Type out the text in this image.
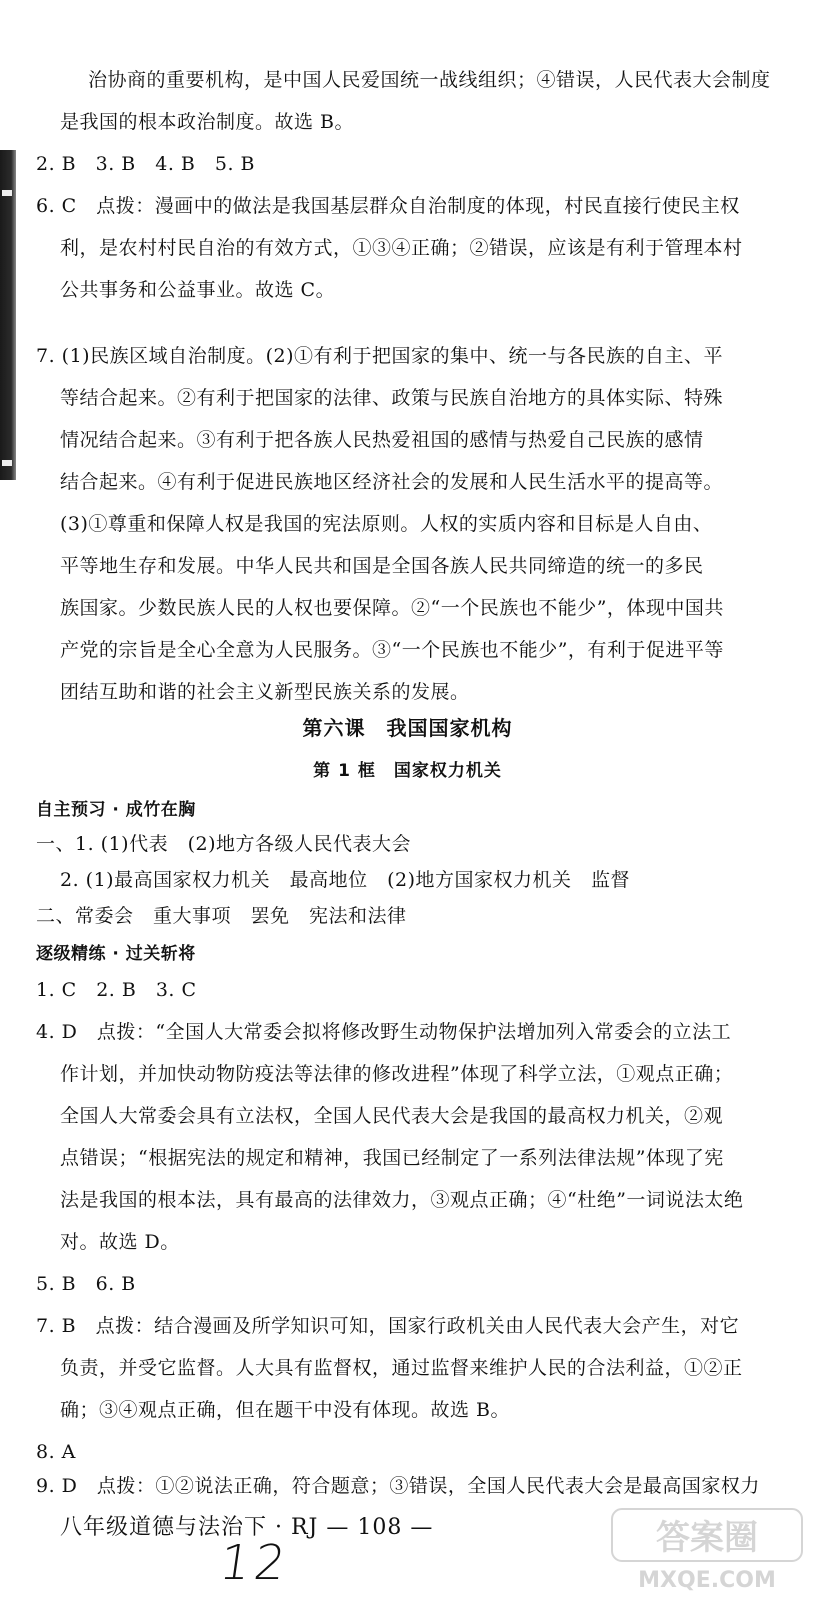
治协商的重要机构，是中国人民爱国统一战线组织；④错误，人民代表大会制度
是我国的根本政治制度。故选 B。
2. B　3. B　4. B　5. B
6. C　点拨：漫画中的做法是我国基层群众自治制度的体现，村民直接行使民主权
利，是农村村民自治的有效方式，①③④正确；②错误，应该是有利于管理本村
公共事务和公益事业。故选 C。
7. (1)民族区域自治制度。(2)①有利于把国家的集中、统一与各民族的自主、平
等结合起来。②有利于把国家的法律、政策与民族自治地方的具体实际、特殊
情况结合起来。③有利于把各族人民热爱祖国的感情与热爱自己民族的感情
结合起来。④有利于促进民族地区经济社会的发展和人民生活水平的提高等。
(3)①尊重和保障人权是我国的宪法原则。人权的实质内容和目标是人自由、
平等地生存和发展。中华人民共和国是全国各族人民共同缔造的统一的多民
族国家。少数民族人民的人权也要保障。②“一个民族也不能少”，体现中国共
产党的宗旨是全心全意为人民服务。③“一个民族也不能少”，有利于促进平等
团结互助和谐的社会主义新型民族关系的发展。
第六课　我国国家机构
第 1 框　国家权力机关
自主预习 · 成竹在胸
一、1. (1)代表　(2)地方各级人民代表大会
2. (1)最高国家权力机关　最高地位　(2)地方国家权力机关　监督
二、常委会　重大事项　罢免　宪法和法律
逐级精练 · 过关斩将
1. C　2. B　3. C
4. D　点拨：“全国人大常委会拟将修改野生动物保护法增加列入常委会的立法工
作计划，并加快动物防疫法等法律的修改进程”体现了科学立法，①观点正确；
全国人大常委会具有立法权，全国人民代表大会是我国的最高权力机关，②观
点错误；“根据宪法的规定和精神，我国已经制定了一系列法律法规”体现了宪
法是我国的根本法，具有最高的法律效力，③观点正确；④“杜绝”一词说法太绝
对。故选 D。
5. B　6. B
7. B　点拨：结合漫画及所学知识可知，国家行政机关由人民代表大会产生，对它
负责，并受它监督。人大具有监督权，通过监督来维护人民的合法利益，①②正
确；③④观点正确，但在题干中没有体现。故选 B。
8. A
9. D　点拨：①②说法正确，符合题意；③错误，全国人民代表大会是最高国家权力
八年级道德与法治下 · RJ — 108 —
12	答案圈
MXQE.COM
